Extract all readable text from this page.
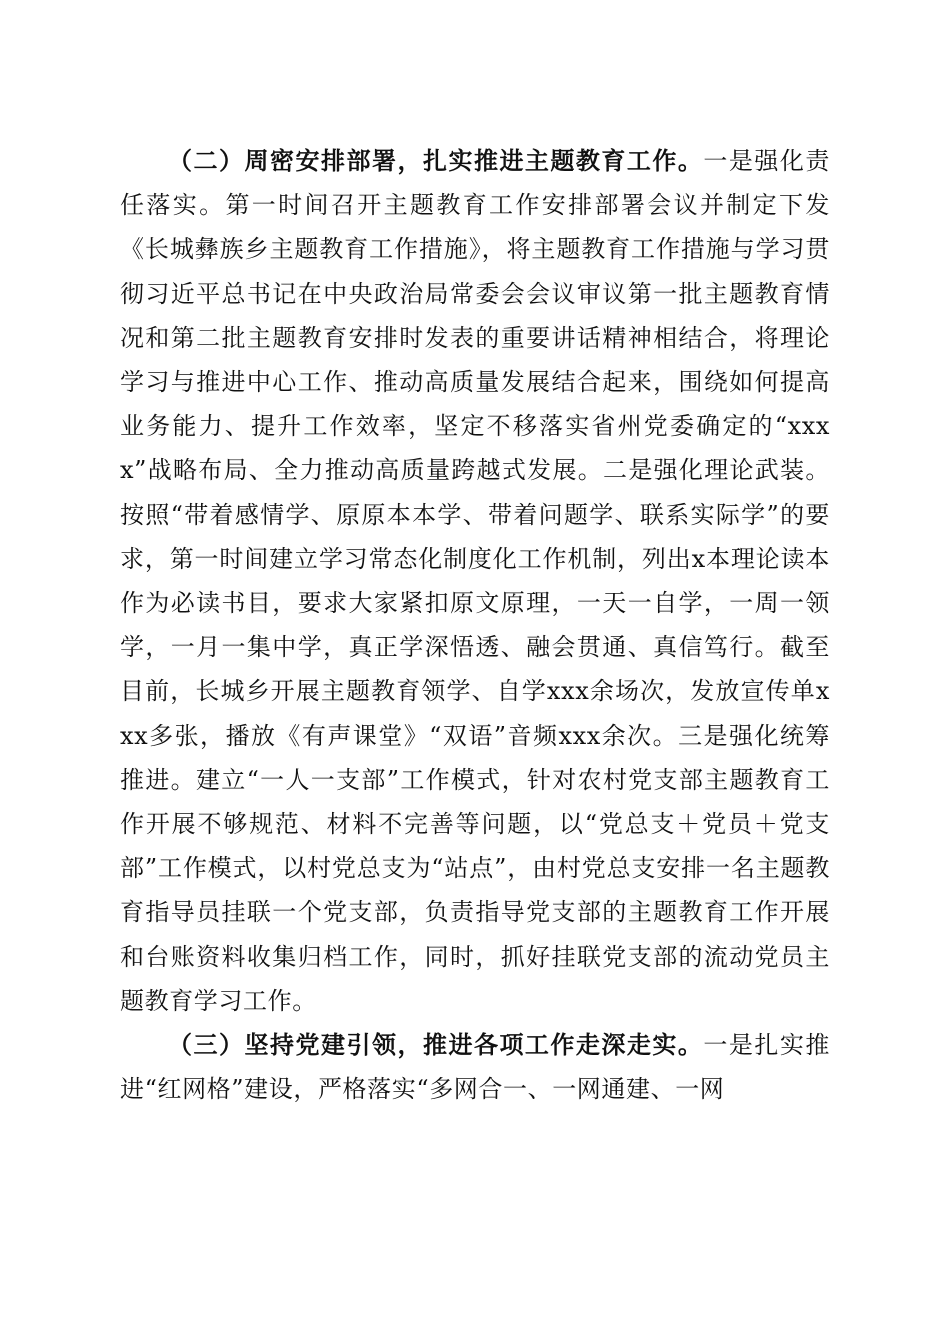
（二）周密安排部署，扎实推进主题教育工作。一是强化责任落实。第一时间召开主题教育工作安排部署会议并制定下发《长城彝族乡主题教育工作措施》，将主题教育工作措施与学习贯彻习近平总书记在中央政治局常委会会议审议第一批主题教育情况和第二批主题教育安排时发表的重要讲话精神相结合，将理论学习与推进中心工作、推动高质量发展结合起来，围绕如何提高业务能力、提升工作效率，坚定不移落实省州党委确定的“xxxx”战略布局、全力推动高质量跨越式发展。二是强化理论武装。按照“带着感情学、原原本本学、带着问题学、联系实际学”的要求，第一时间建立学习常态化制度化工作机制，列出x本理论读本作为必读书目，要求大家紧扣原文原理，一天一自学，一周一领学，一月一集中学，真正学深悟透、融会贯通、真信笃行。截至目前，长城乡开展主题教育领学、自学xxx余场次，发放宣传单xxx多张，播放《有声课堂》“双语”音频xxx余次。三是强化统筹推进。建立“一人一支部”工作模式，针对农村党支部主题教育工作开展不够规范、材料不完善等问题，以“党总支＋党员＋党支部”工作模式，以村党总支为“站点”，由村党总支安排一名主题教育指导员挂联一个党支部，负责指导党支部的主题教育工作开展和台账资料收集归档工作，同时，抓好挂联党支部的流动党员主题教育学习工作。

（三）坚持党建引领，推进各项工作走深走实。一是扎实推进“红网格”建设，严格落实“多网合一、一网通建、一网
